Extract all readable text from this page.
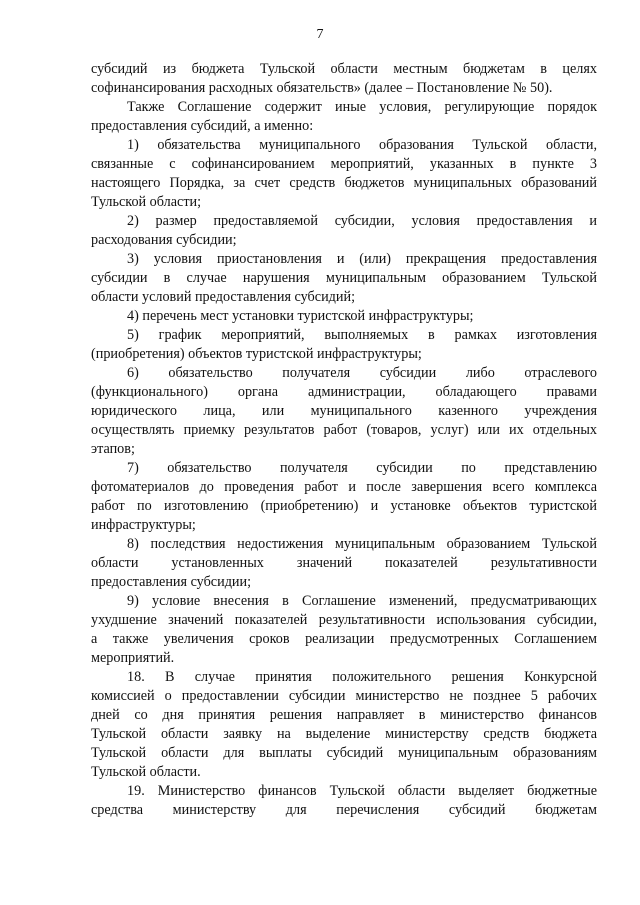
7
субсидий из бюджета Тульской области местным бюджетам в целях
софинансирования расходных обязательств» (далее – Постановление № 50).
Также Соглашение содержит иные условия, регулирующие порядок
предоставления субсидий, а именно:
1) обязательства муниципального образования Тульской области,
связанные с софинансированием мероприятий, указанных в пункте 3
настоящего Порядка, за счет средств бюджетов муниципальных образований
Тульской области;
2) размер предоставляемой субсидии, условия предоставления и
расходования субсидии;
3) условия приостановления и (или) прекращения предоставления
субсидии в случае нарушения муниципальным образованием Тульской
области условий предоставления субсидий;
4) перечень мест установки туристской инфраструктуры;
5) график мероприятий, выполняемых в рамках изготовления
(приобретения) объектов туристской инфраструктуры;
6) обязательство получателя субсидии либо отраслевого
(функционального) органа администрации, обладающего правами
юридического лица, или муниципального казенного учреждения
осуществлять приемку результатов работ (товаров, услуг) или их отдельных
этапов;
7) обязательство получателя субсидии по представлению
фотоматериалов до проведения работ и после завершения всего комплекса
работ по изготовлению (приобретению) и установке объектов туристской
инфраструктуры;
8) последствия недостижения муниципальным образованием Тульской
области установленных значений показателей результативности
предоставления субсидии;
9) условие внесения в Соглашение изменений, предусматривающих
ухудшение значений показателей результативности использования субсидии,
а также увеличения сроков реализации предусмотренных Соглашением
мероприятий.
18. В случае принятия положительного решения Конкурсной
комиссией о предоставлении субсидии министерство не позднее 5 рабочих
дней со дня принятия решения направляет в министерство финансов
Тульской области заявку на выделение министерству средств бюджета
Тульской области для выплаты субсидий муниципальным образованиям
Тульской области.
19. Министерство финансов Тульской области выделяет бюджетные
средства министерству для перечисления субсидий бюджетам
